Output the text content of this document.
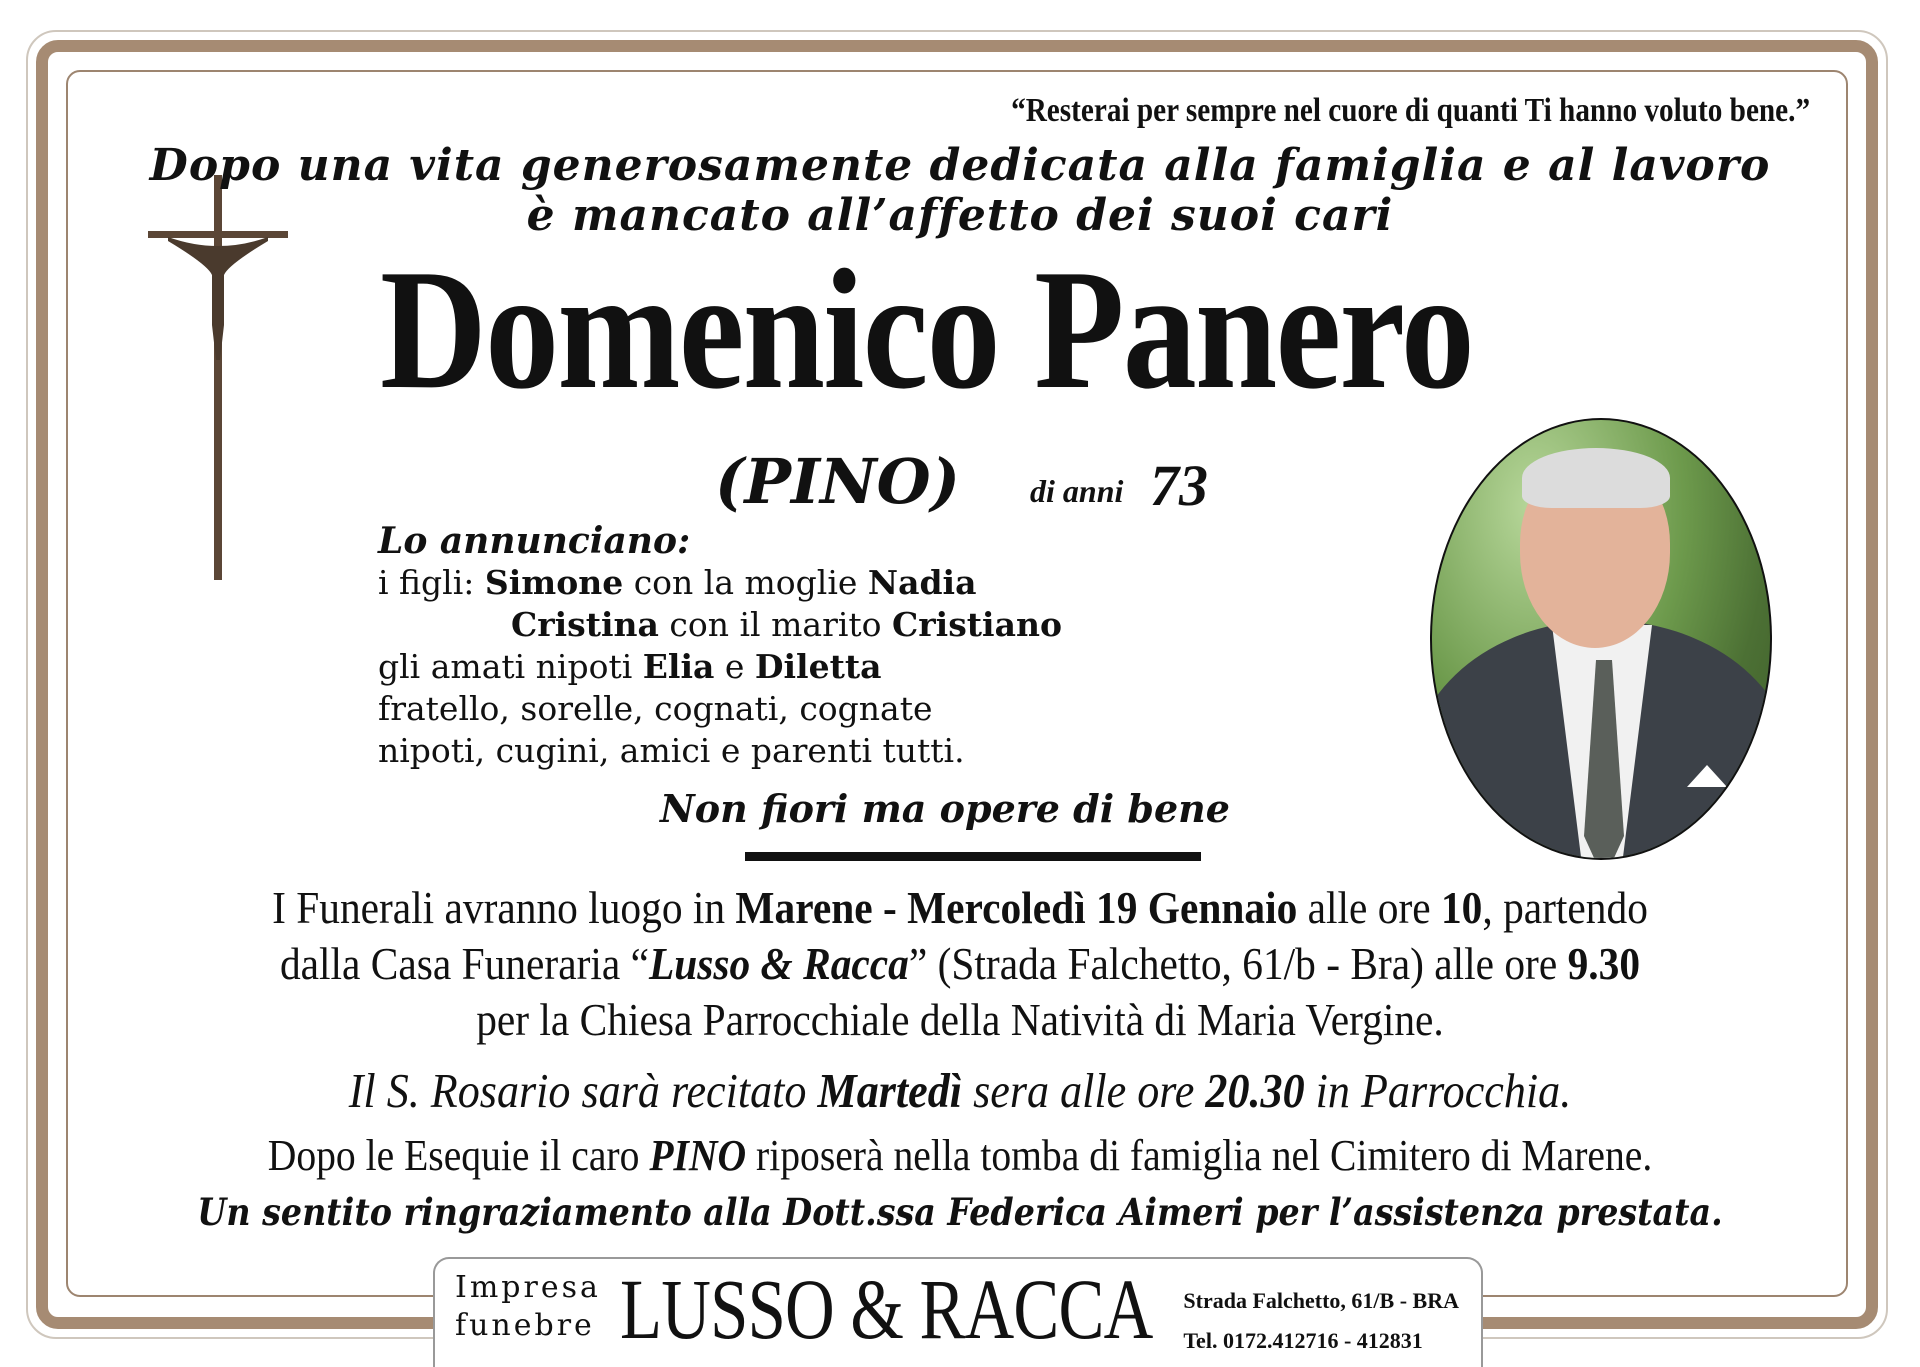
“Resterai per sempre nel cuore di quanti Ti hanno voluto bene.”

Dopo una vita generosamente dedicata alla famiglia e al lavoro

è mancato all’affetto dei suoi cari

Domenico Panero

(PINO) di anni 73

Lo annunciano:
i figli: Simone con la moglie Nadia
Cristina con il marito Cristiano
gli amati nipoti Elia e Diletta
fratello, sorelle, cognati, cognate
nipoti, cugini, amici e parenti tutti.

Non fiori ma opere di bene

I Funerali avranno luogo in Marene - Mercoledì 19 Gennaio alle ore 10, partendo
dalla Casa Funeraria “Lusso & Racca” (Strada Falchetto, 61/b - Bra) alle ore 9.30
per la Chiesa Parrocchiale della Natività di Maria Vergine.

Il S. Rosario sarà recitato Martedì sera alle ore 20.30 in Parrocchia.

Dopo le Esequie il caro PINO riposerà nella tomba di famiglia nel Cimitero di Marene.

Un sentito ringraziamento alla Dott.ssa Federica Aimeri per l’assistenza prestata.

Impresa
funebre LUSSO & RACCA Strada Falchetto, 61/B - BRA
Tel. 0172.412716 - 412831
